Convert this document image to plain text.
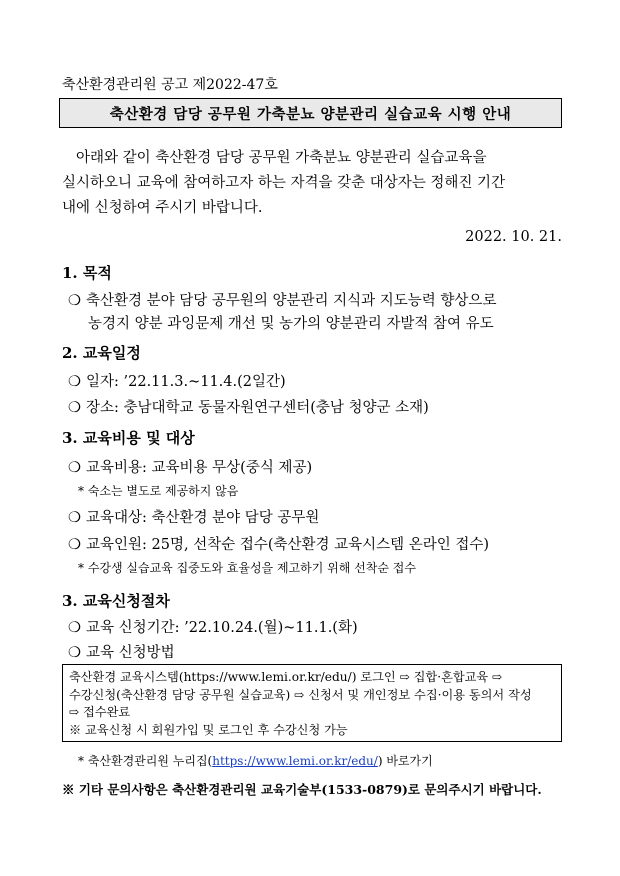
축산환경관리원 공고 제2022-47호
축산환경 담당 공무원 가축분뇨 양분관리 실습교육 시행 안내
아래와 같이 축산환경 담당 공무원 가축분뇨 양분관리 실습교육을
실시하오니 교육에 참여하고자 하는 자격을 갖춘 대상자는 정해진 기간
내에 신청하여 주시기 바랍니다.
2022. 10. 21.
1. 목적
❍ 축산환경 분야 담당 공무원의 양분관리 지식과 지도능력 향상으로
농경지 양분 과잉문제 개선 및 농가의 양분관리 자발적 참여 유도
2. 교육일정
❍ 일자: ’22.11.3.~11.4.(2일간)
❍ 장소: 충남대학교 동물자원연구센터(충남 청양군 소재)
3. 교육비용 및 대상
❍ 교육비용: 교육비용 무상(중식 제공)
* 숙소는 별도로 제공하지 않음
❍ 교육대상: 축산환경 분야 담당 공무원
❍ 교육인원: 25명, 선착순 접수(축산환경 교육시스템 온라인 접수)
* 수강생 실습교육 집중도와 효율성을 제고하기 위해 선착순 접수
3. 교육신청절차
❍ 교육 신청기간: ’22.10.24.(월)~11.1.(화)
❍ 교육 신청방법
축산환경 교육시스템(https://www.lemi.or.kr/edu/) 로그인 ⇨ 집합·혼합교육 ⇨
수강신청(축산환경 담당 공무원 실습교육) ⇨ 신청서 및 개인정보 수집·이용 동의서 작성
⇨ 접수완료
※ 교육신청 시 회원가입 및 로그인 후 수강신청 가능
* 축산환경관리원 누리집(https://www.lemi.or.kr/edu/) 바로가기
※ 기타 문의사항은 축산환경관리원 교육기술부(1533-0879)로 문의주시기 바랍니다.
